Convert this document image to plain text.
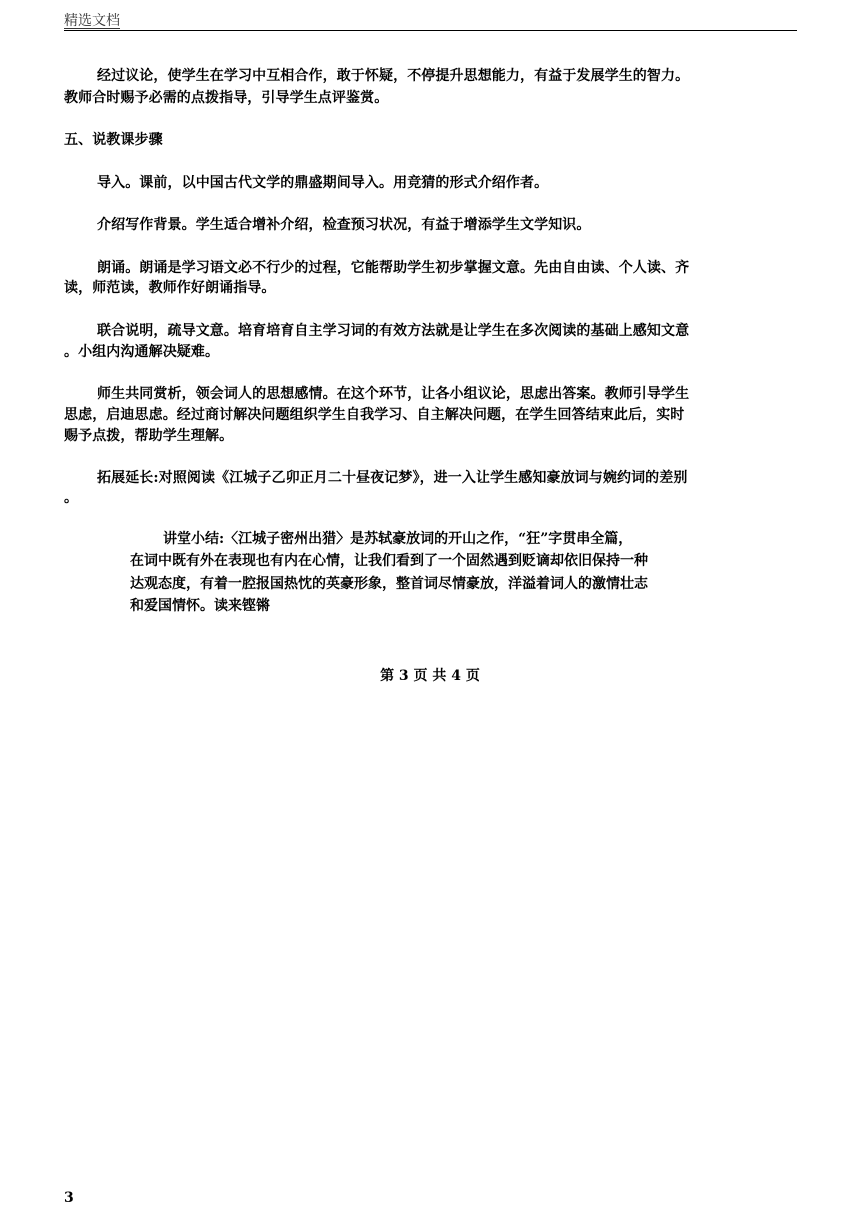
精选文档
经过议论，使学生在学习中互相合作，敢于怀疑，不停提升思想能力，有益于发展学生的智力。
教师合时赐予必需的点拨指导，引导学生点评鉴赏。
五、说教课步骤
导入。课前，以中国古代文学的鼎盛期间导入。用竞猜的形式介绍作者。
介绍写作背景。学生适合增补介绍，检查预习状况，有益于增添学生文学知识。
朗诵。朗诵是学习语文必不行少的过程，它能帮助学生初步掌握文意。先由自由读、个人读、齐
读，师范读，教师作好朗诵指导。
联合说明，疏导文意。培育培育自主学习词的有效方法就是让学生在多次阅读的基础上感知文意
。小组内沟通解决疑难。
师生共同赏析，领会词人的思想感情。在这个环节，让各小组议论，思虑出答案。教师引导学生
思虑，启迪思虑。经过商讨解决问题组织学生自我学习、自主解决问题，在学生回答结束此后，实时
赐予点拨，帮助学生理解。
拓展延长:对照阅读《江城子乙卯正月二十昼夜记梦》，进一入让学生感知豪放词与婉约词的差别
。
讲堂小结:〈江城子密州出猎〉是苏轼豪放词的开山之作，“狂”字贯串全篇，
在词中既有外在表现也有内在心情，让我们看到了一个固然遇到贬谪却依旧保持一种
达观态度，有着一腔报国热忱的英豪形象，整首词尽情豪放，洋溢着词人的激情壮志
和爱国情怀。读来铿锵
第 3 页 共 4 页
3
